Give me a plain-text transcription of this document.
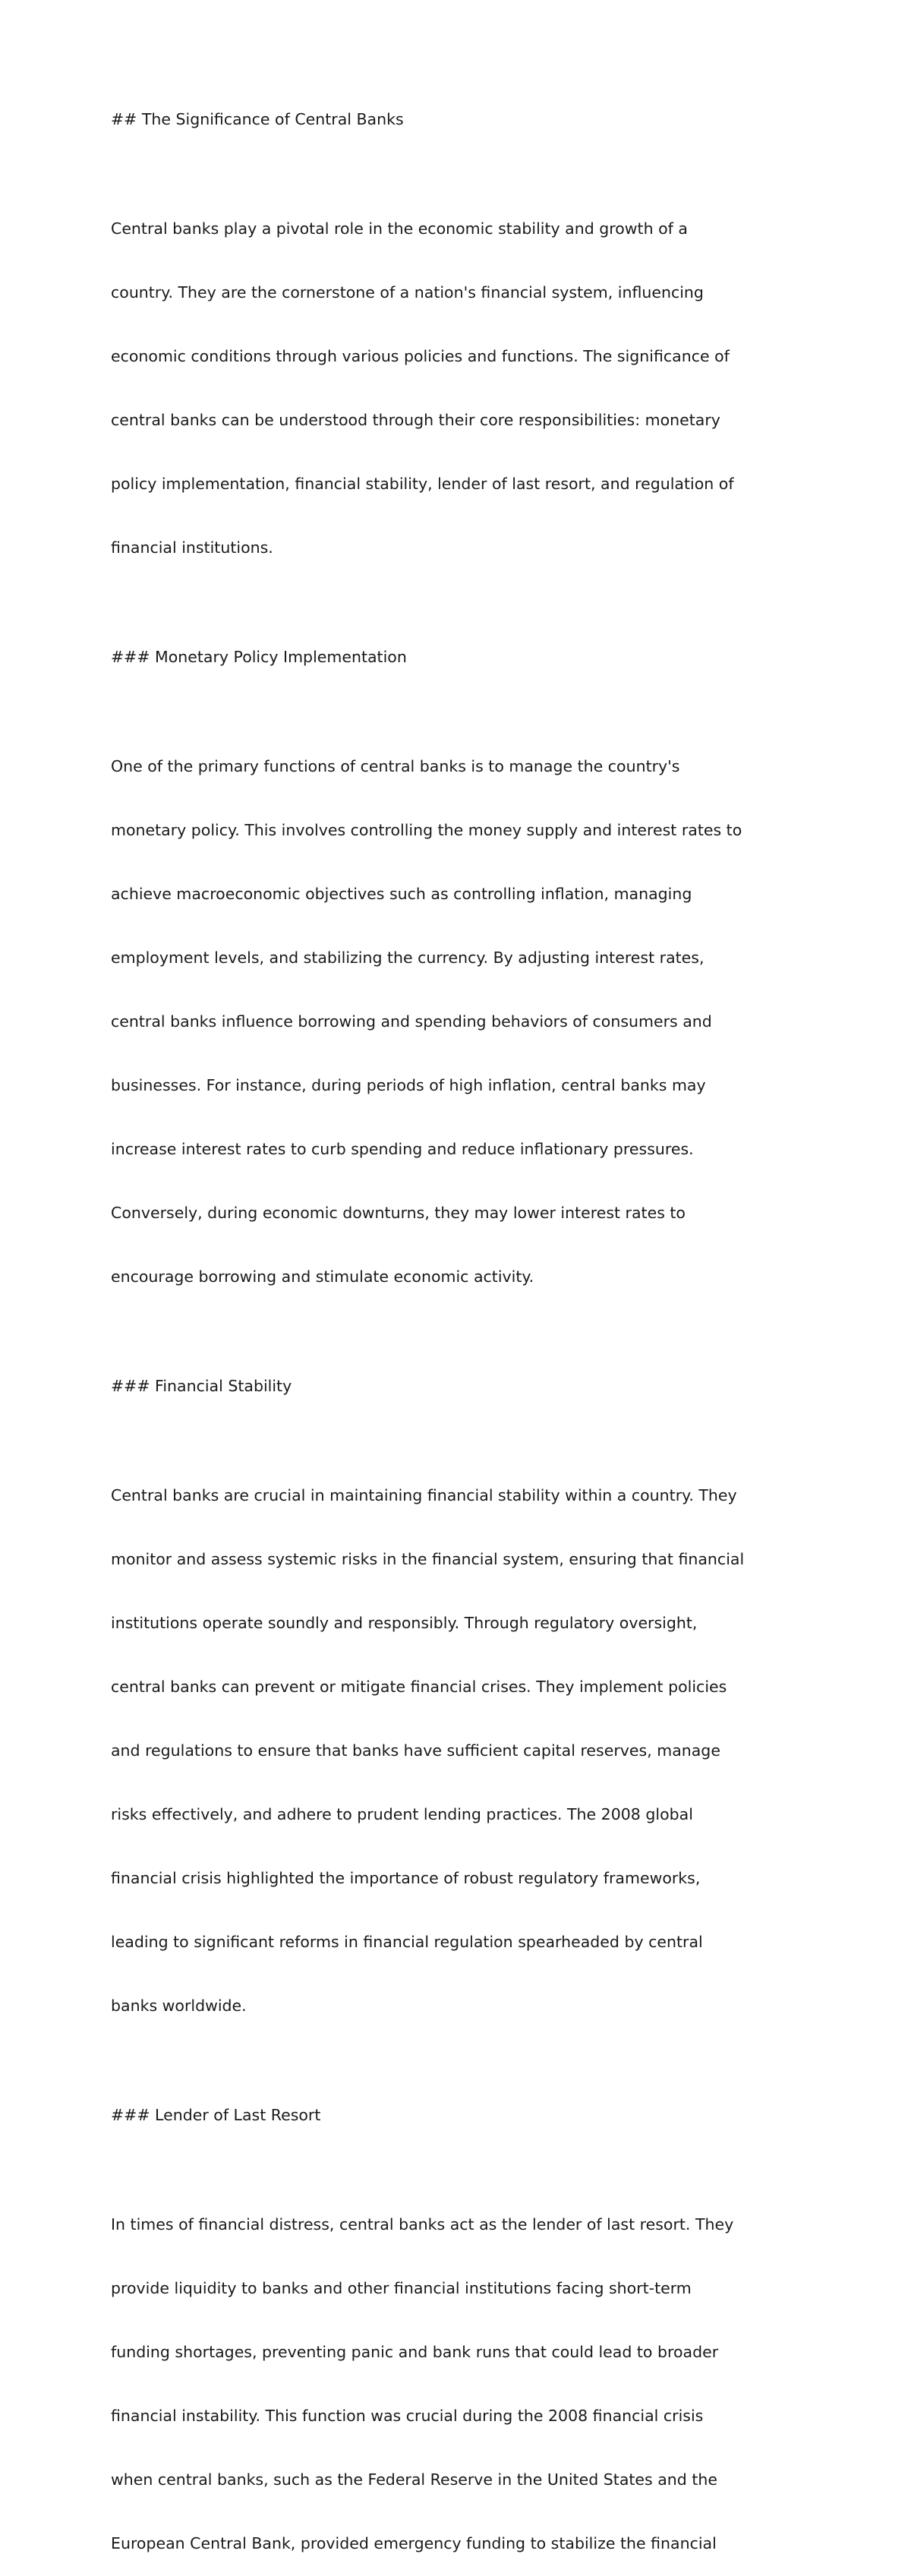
## The Significance of Central Banks

Central banks play a pivotal role in the economic stability and growth of a

country. They are the cornerstone of a nation's financial system, influencing

economic conditions through various policies and functions. The significance of

central banks can be understood through their core responsibilities: monetary

policy implementation, financial stability, lender of last resort, and regulation of

financial institutions.

### Monetary Policy Implementation

One of the primary functions of central banks is to manage the country's

monetary policy. This involves controlling the money supply and interest rates to

achieve macroeconomic objectives such as controlling inflation, managing

employment levels, and stabilizing the currency. By adjusting interest rates,

central banks influence borrowing and spending behaviors of consumers and

businesses. For instance, during periods of high inflation, central banks may

increase interest rates to curb spending and reduce inflationary pressures.

Conversely, during economic downturns, they may lower interest rates to

encourage borrowing and stimulate economic activity.

### Financial Stability

Central banks are crucial in maintaining financial stability within a country. They

monitor and assess systemic risks in the financial system, ensuring that financial

institutions operate soundly and responsibly. Through regulatory oversight,

central banks can prevent or mitigate financial crises. They implement policies

and regulations to ensure that banks have sufficient capital reserves, manage

risks effectively, and adhere to prudent lending practices. The 2008 global

financial crisis highlighted the importance of robust regulatory frameworks,

leading to significant reforms in financial regulation spearheaded by central

banks worldwide.

### Lender of Last Resort

In times of financial distress, central banks act as the lender of last resort. They

provide liquidity to banks and other financial institutions facing short-term

funding shortages, preventing panic and bank runs that could lead to broader

financial instability. This function was crucial during the 2008 financial crisis

when central banks, such as the Federal Reserve in the United States and the

European Central Bank, provided emergency funding to stabilize the financial
